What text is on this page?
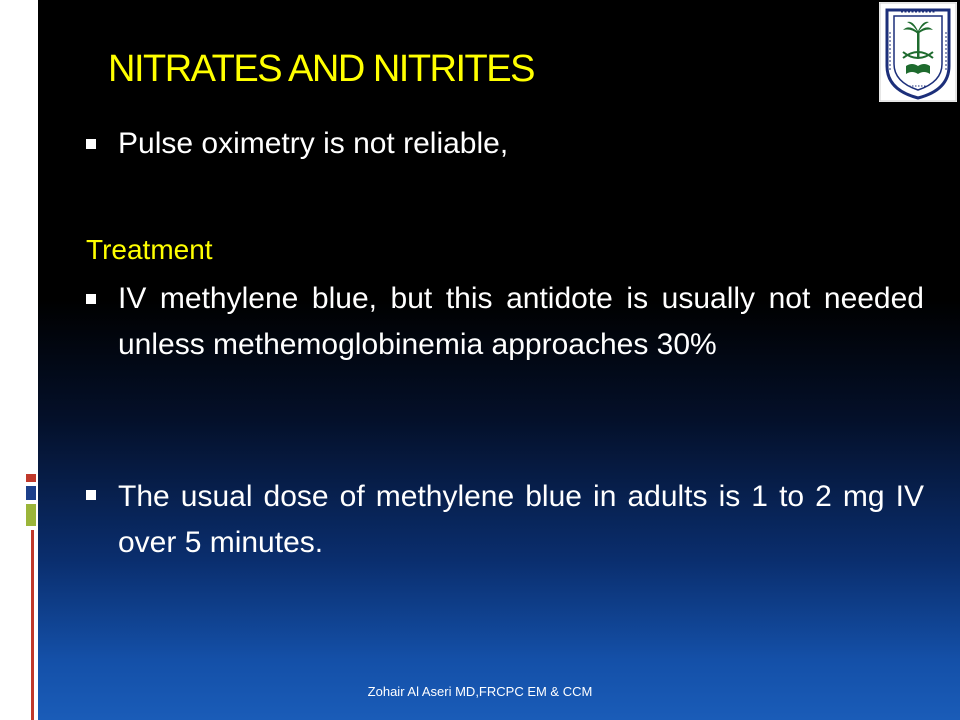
NITRATES AND NITRITES
Pulse oximetry is not reliable,
Treatment
IV methylene blue, but this antidote is usually not needed unless methemoglobinemia approaches 30%
The usual dose of methylene blue in adults is 1 to 2 mg IV over 5 minutes.
Zohair Al Aseri MD,FRCPC EM & CCM
